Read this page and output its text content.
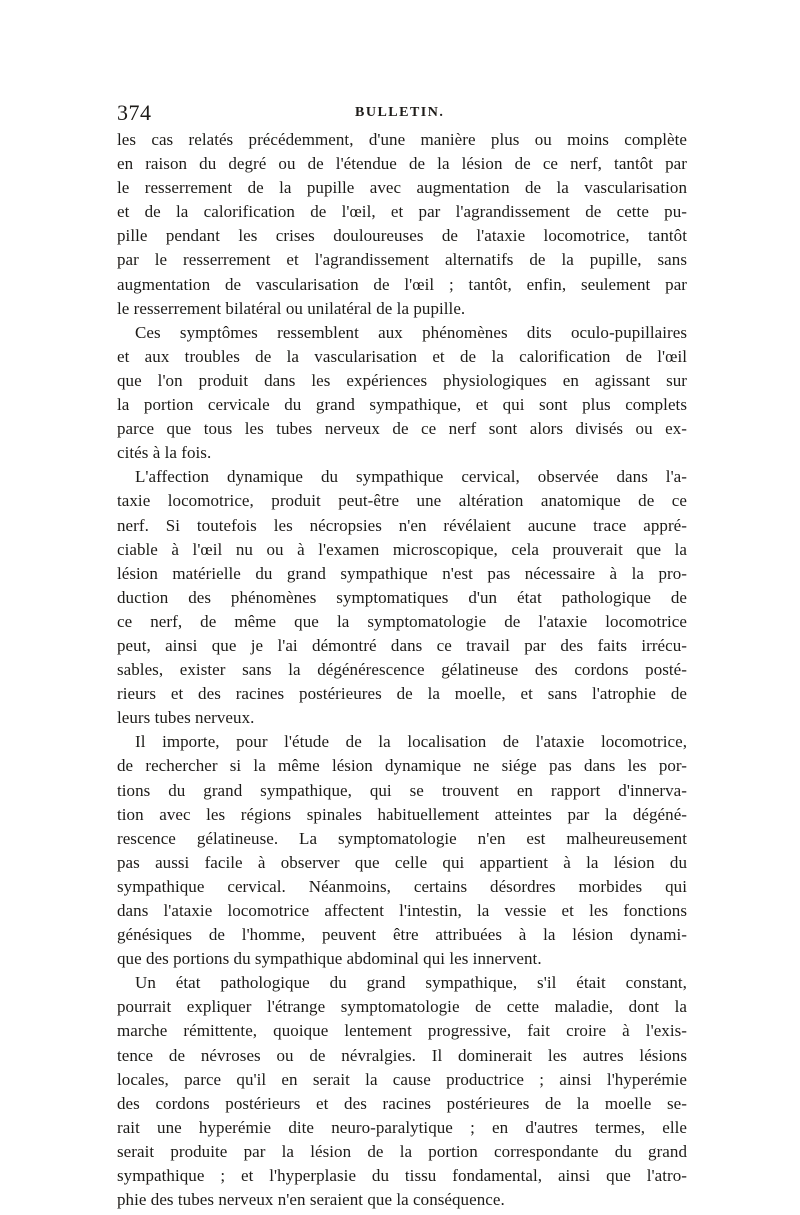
374	BULLETIN.
les cas relatés précédemment, d'une manière plus ou moins complète
en raison du degré ou de l'étendue de la lésion de ce nerf, tantôt par
le resserrement de la pupille avec augmentation de la vascularisation
et de la calorification de l'œil, et par l'agrandissement de cette pu-
pille pendant les crises douloureuses de l'ataxie locomotrice, tantôt
par le resserrement et l'agrandissement alternatifs de la pupille, sans
augmentation de vascularisation de l'œil ; tantôt, enfin, seulement par
le resserrement bilatéral ou unilatéral de la pupille.
Ces symptômes ressemblent aux phénomènes dits oculo-pupillaires
et aux troubles de la vascularisation et de la calorification de l'œil
que l'on produit dans les expériences physiologiques en agissant sur
la portion cervicale du grand sympathique, et qui sont plus complets
parce que tous les tubes nerveux de ce nerf sont alors divisés ou ex-
cités à la fois.
L'affection dynamique du sympathique cervical, observée dans l'a-
taxie locomotrice, produit peut-être une altération anatomique de ce
nerf. Si toutefois les nécropsies n'en révélaient aucune trace appré-
ciable à l'œil nu ou à l'examen microscopique, cela prouverait que la
lésion matérielle du grand sympathique n'est pas nécessaire à la pro-
duction des phénomènes symptomatiques d'un état pathologique de
ce nerf, de même que la symptomatologie de l'ataxie locomotrice
peut, ainsi que je l'ai démontré dans ce travail par des faits irrécu-
sables, exister sans la dégénérescence gélatineuse des cordons posté-
rieurs et des racines postérieures de la moelle, et sans l'atrophie de
leurs tubes nerveux.
Il importe, pour l'étude de la localisation de l'ataxie locomotrice,
de rechercher si la même lésion dynamique ne siége pas dans les por-
tions du grand sympathique, qui se trouvent en rapport d'innerva-
tion avec les régions spinales habituellement atteintes par la dégéné-
rescence gélatineuse. La symptomatologie n'en est malheureusement
pas aussi facile à observer que celle qui appartient à la lésion du
sympathique cervical. Néanmoins, certains désordres morbides qui
dans l'ataxie locomotrice affectent l'intestin, la vessie et les fonctions
génésiques de l'homme, peuvent être attribuées à la lésion dynami-
que des portions du sympathique abdominal qui les innervent.
Un état pathologique du grand sympathique, s'il était constant,
pourrait expliquer l'étrange symptomatologie de cette maladie, dont la
marche rémittente, quoique lentement progressive, fait croire à l'exis-
tence de névroses ou de névralgies. Il dominerait les autres lésions
locales, parce qu'il en serait la cause productrice ; ainsi l'hyperémie
des cordons postérieurs et des racines postérieures de la moelle se-
rait une hyperémie dite neuro-paralytique ; en d'autres termes, elle
serait produite par la lésion de la portion correspondante du grand
sympathique ; et l'hyperplasie du tissu fondamental, ainsi que l'atro-
phie des tubes nerveux n'en seraient que la conséquence.
